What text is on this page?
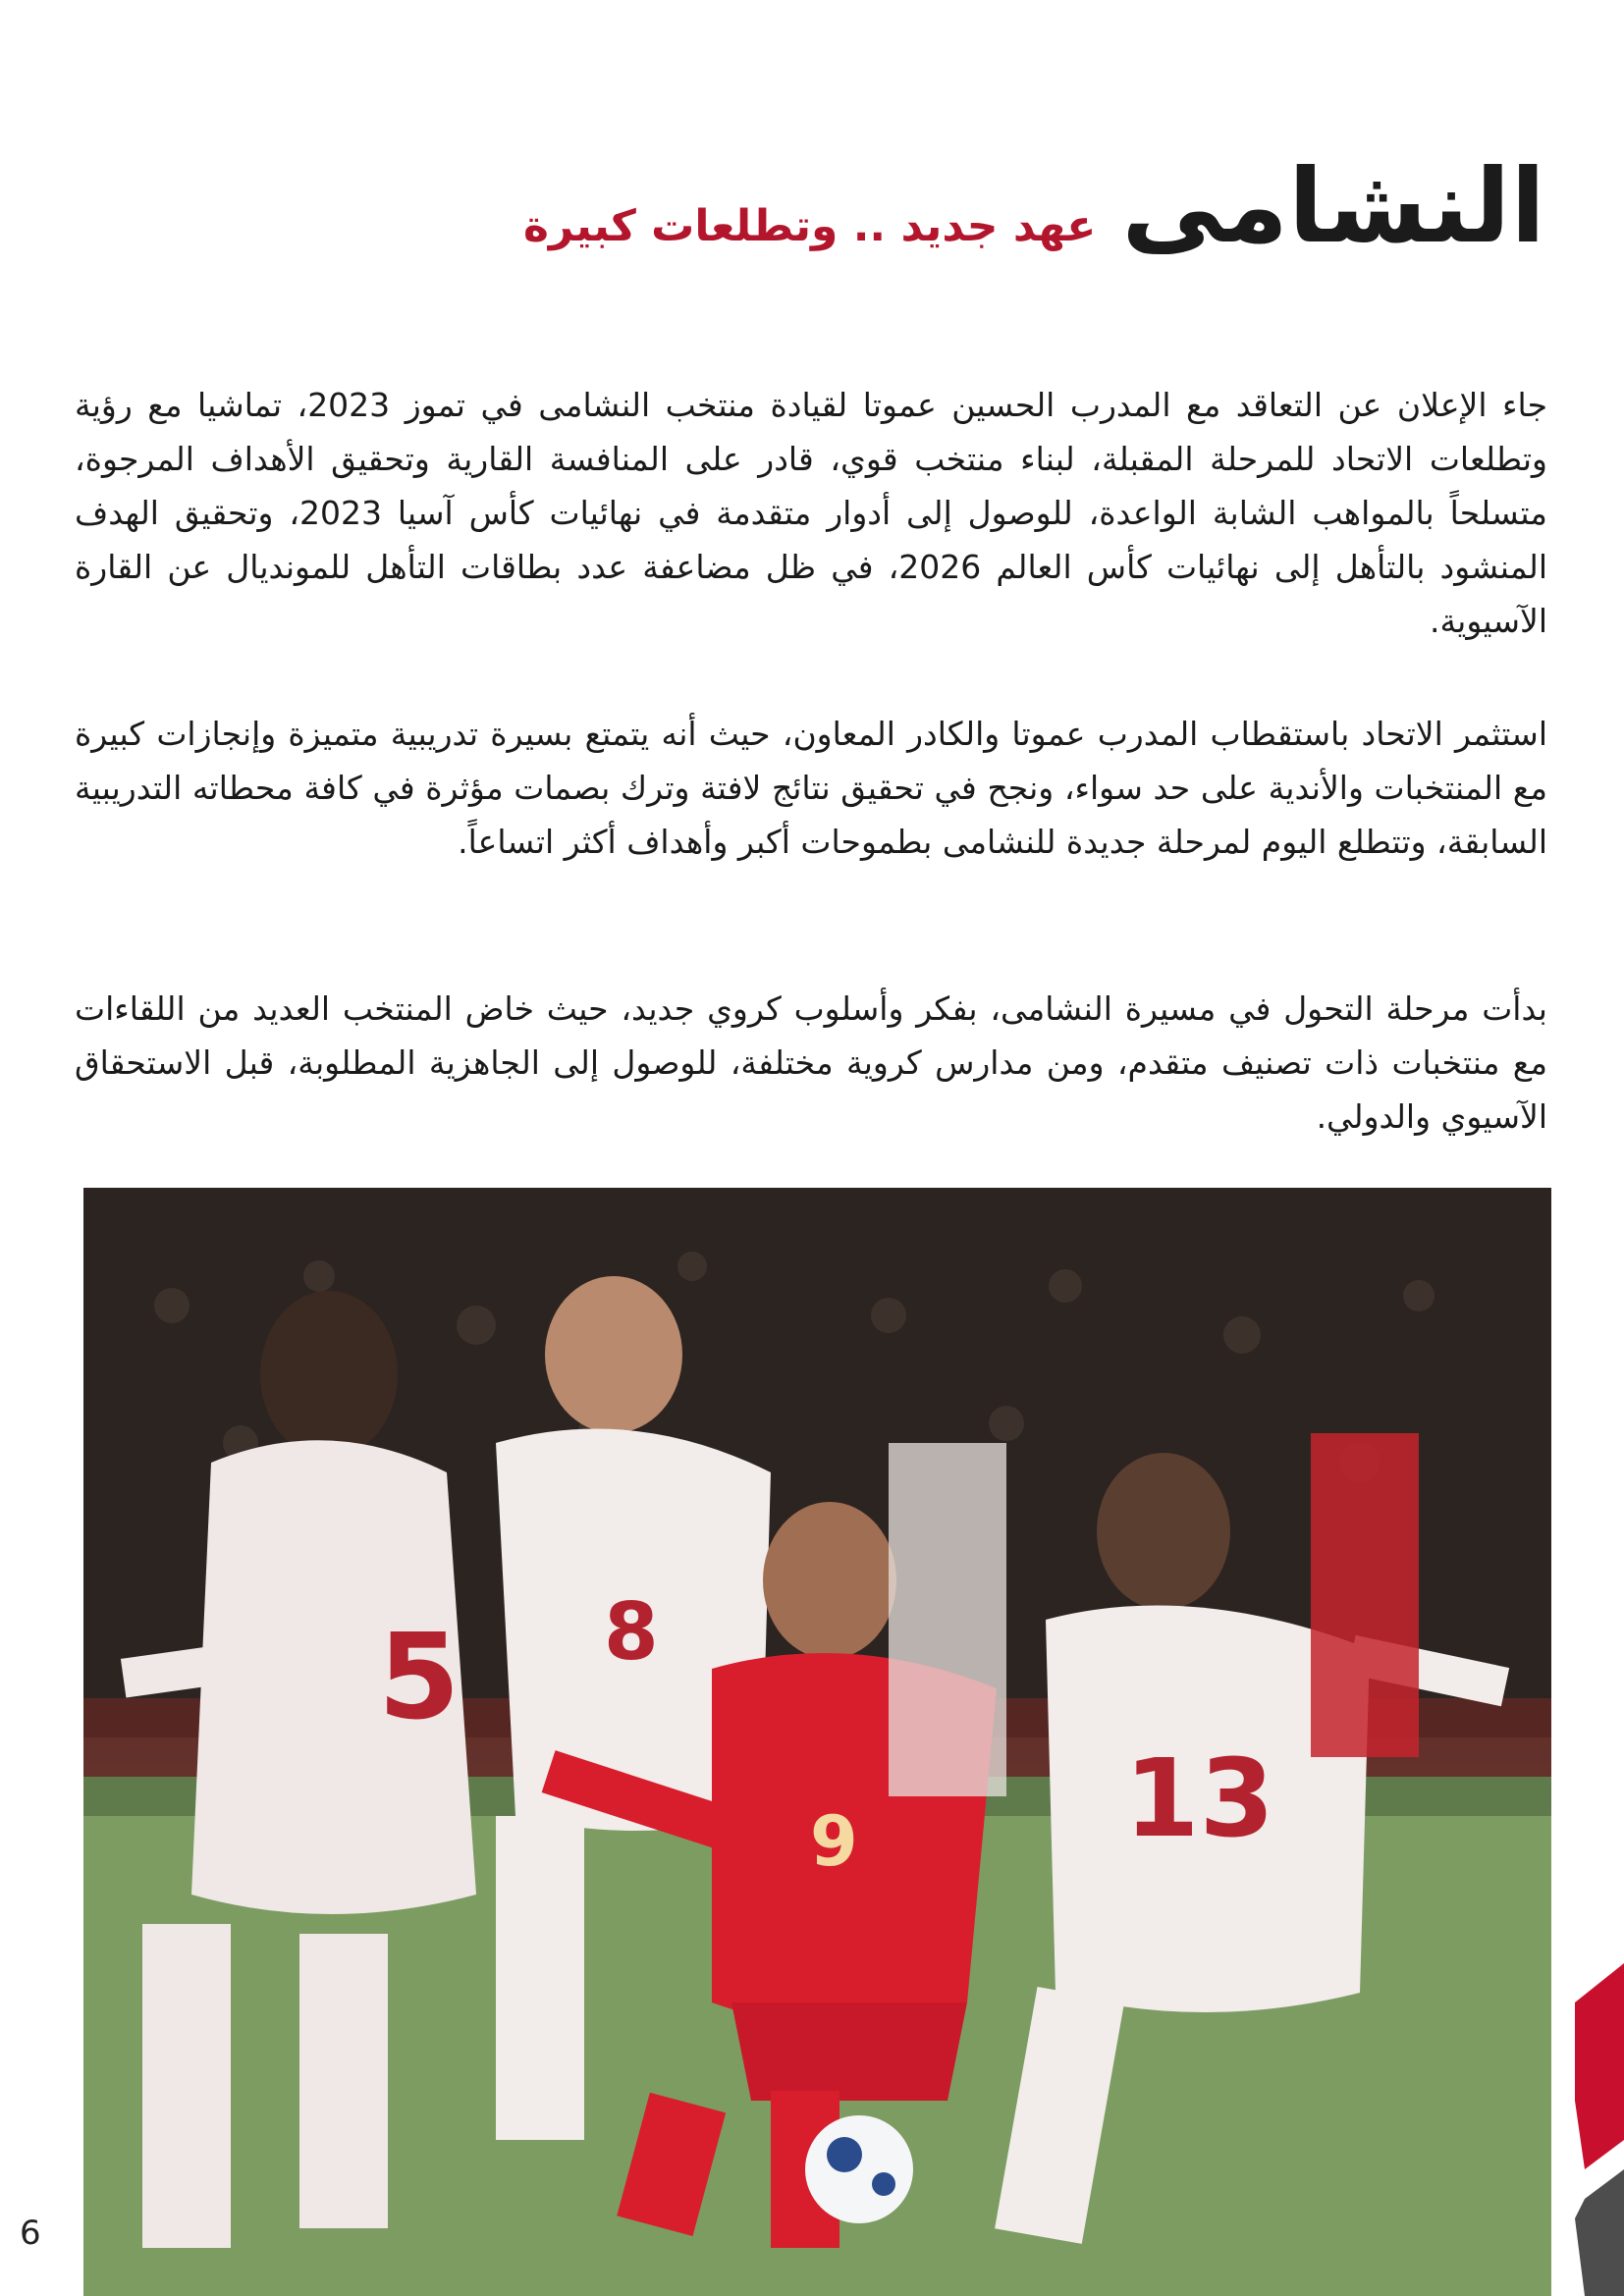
النشامى
عهد جديد .. وتطلعات كبيرة

جاء الإعلان عن التعاقد مع المدرب الحسين عموتا لقيادة منتخب النشامى في تموز 2023، تماشيا مع رؤية وتطلعات الاتحاد للمرحلة المقبلة، لبناء منتخب قوي، قادر على المنافسة القارية وتحقيق الأهداف المرجوة، متسلحاً بالمواهب الشابة الواعدة، للوصول إلى أدوار متقدمة في نهائيات كأس آسيا 2023، وتحقيق الهدف المنشود بالتأهل إلى نهائيات كأس العالم 2026، في ظل مضاعفة عدد بطاقات التأهل للمونديال عن القارة الآسيوية.

استثمر الاتحاد باستقطاب المدرب عموتا والكادر المعاون، حيث أنه يتمتع بسيرة تدريبية متميزة وإنجازات كبيرة مع المنتخبات والأندية على حد سواء، ونجح في تحقيق نتائج لافتة وترك بصمات مؤثرة في كافة محطاته التدريبية السابقة، وتتطلع اليوم لمرحلة جديدة للنشامى بطموحات أكبر وأهداف أكثر اتساعاً.

بدأت مرحلة التحول في مسيرة النشامى، بفكر وأسلوب كروي جديد، حيث خاض المنتخب العديد من اللقاءات مع منتخبات ذات تصنيف متقدم، ومن مدارس كروية مختلفة، للوصول إلى الجاهزية المطلوبة، قبل الاستحقاق الآسيوي والدولي.

5 8
9 13
6
